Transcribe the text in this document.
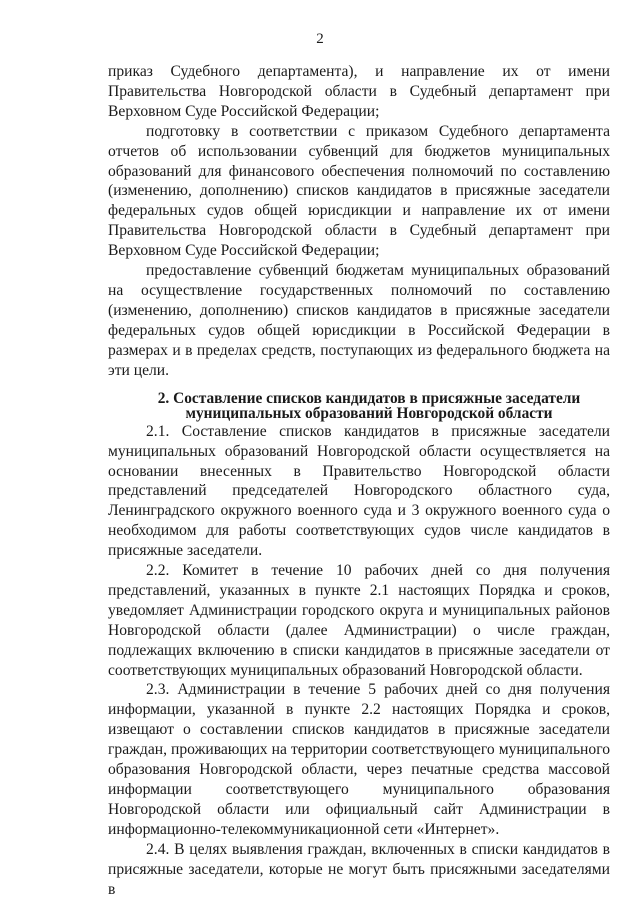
2

приказ Судебного департамента), и направление их от имени Правительства Новгородской области в Судебный департамент при Верховном Суде Российской Федерации;

подготовку в соответствии с приказом Судебного департамента отчетов об использовании субвенций для бюджетов муниципальных образований для финансового обеспечения полномочий по составлению (изменению, дополнению) списков кандидатов в присяжные заседатели федеральных судов общей юрисдикции и направление их от имени Правительства Новгородской области в Судебный департамент при Верховном Суде Российской Федерации;

предоставление субвенций бюджетам муниципальных образований на осуществление государственных полномочий по составлению (изменению, дополнению) списков кандидатов в присяжные заседатели федеральных судов общей юрисдикции в Российской Федерации в размерах и в пределах средств, поступающих из федерального бюджета на эти цели.

2. Составление списков кандидатов в присяжные заседатели
муниципальных образований Новгородской области

2.1. Составление списков кандидатов в присяжные заседатели муниципальных образований Новгородской области осуществляется на основании внесенных в Правительство Новгородской области представлений председателей Новгородского областного суда, Ленинградского окружного военного суда и 3 окружного военного суда о необходимом для работы соответствующих судов числе кандидатов в присяжные заседатели.

2.2. Комитет в течение 10 рабочих дней со дня получения представлений, указанных в пункте 2.1 настоящих Порядка и сроков, уведомляет Администрации городского округа и муниципальных районов Новгородской области (далее Администрации) о числе граждан, подлежащих включению в списки кандидатов в присяжные заседатели от соответствующих муниципальных образований Новгородской области.

2.3. Администрации в течение 5 рабочих дней со дня получения информации, указанной в пункте 2.2 настоящих Порядка и сроков, извещают о составлении списков кандидатов в присяжные заседатели граждан, проживающих на территории соответствующего муниципального образования Новгородской области, через печатные средства массовой информации соответствующего муниципального образования Новгородской области или официальный сайт Администрации в информационно-телекоммуникационной сети «Интернет».

2.4. В целях выявления граждан, включенных в списки кандидатов в присяжные заседатели, которые не могут быть присяжными заседателями в
